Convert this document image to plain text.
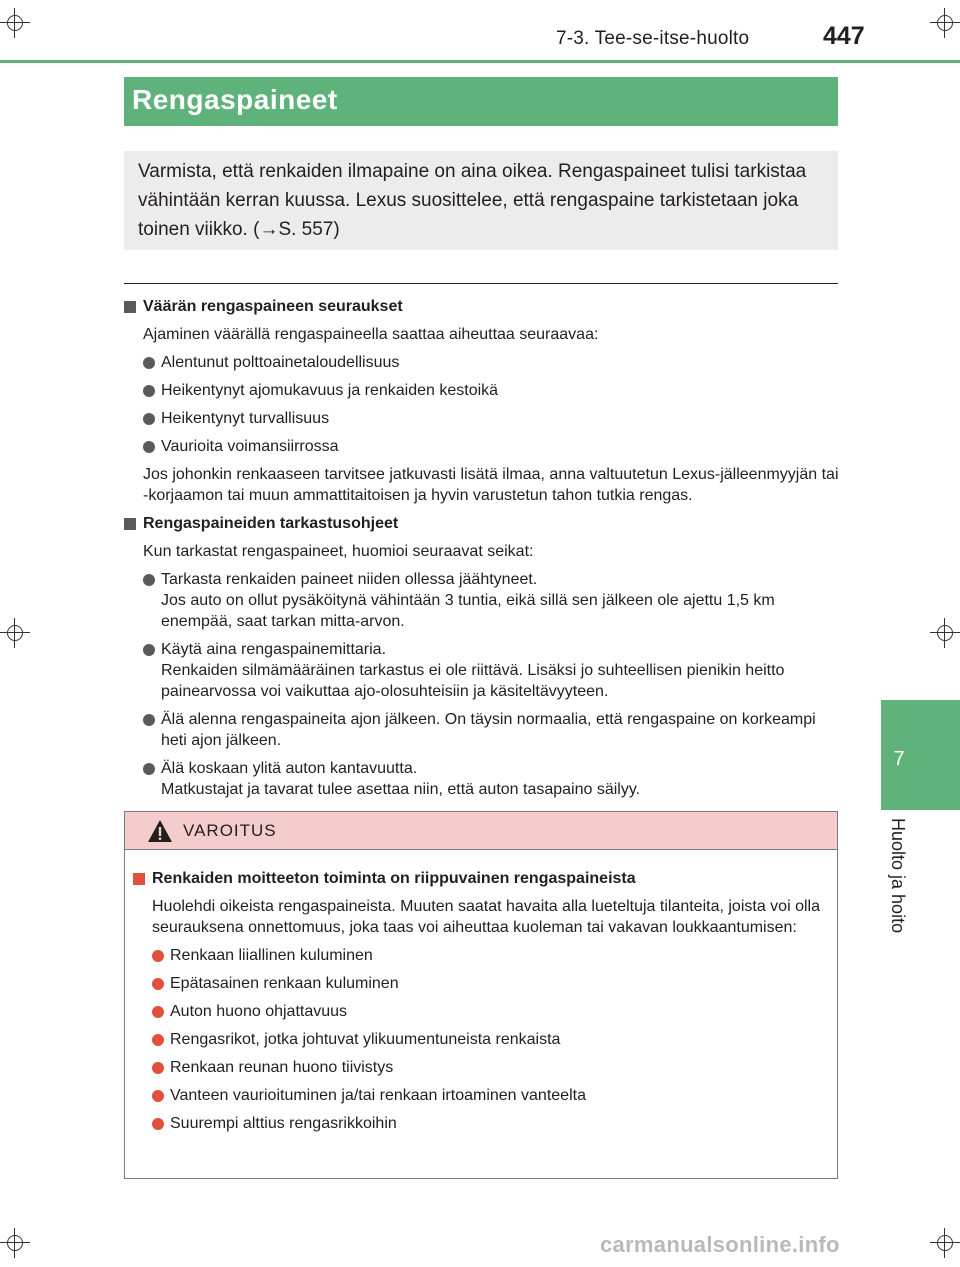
7-3. Tee-se-itse-huolto	447
7
Huolto ja hoito
Rengaspaineet
Varmista, että renkaiden ilmapaine on aina oikea. Rengaspaineet tulisi tarkistaa vähintään kerran kuussa. Lexus suosittelee, että rengaspaine tarkistetaan joka toinen viikko. (→S. 557)
Väärän rengaspaineen seuraukset
Ajaminen väärällä rengaspaineella saattaa aiheuttaa seuraavaa:
Alentunut polttoainetaloudellisuus
Heikentynyt ajomukavuus ja renkaiden kestoikä
Heikentynyt turvallisuus
Vaurioita voimansiirrossa
Jos johonkin renkaaseen tarvitsee jatkuvasti lisätä ilmaa, anna valtuutetun Lexus-jälleenmyyjän tai -korjaamon tai muun ammattitaitoisen ja hyvin varustetun tahon tutkia rengas.
Rengaspaineiden tarkastusohjeet
Kun tarkastat rengaspaineet, huomioi seuraavat seikat:
Tarkasta renkaiden paineet niiden ollessa jäähtyneet.
Jos auto on ollut pysäköitynä vähintään 3 tuntia, eikä sillä sen jälkeen ole ajettu 1,5 km enempää, saat tarkan mitta-arvon.
Käytä aina rengaspainemittaria.
Renkaiden silmämääräinen tarkastus ei ole riittävä. Lisäksi jo suhteellisen pienikin heitto painearvossa voi vaikuttaa ajo-olosuhteisiin ja käsiteltävyyteen.
Älä alenna rengaspaineita ajon jälkeen. On täysin normaalia, että rengaspaine on korkeampi heti ajon jälkeen.
Älä koskaan ylitä auton kantavuutta.
Matkustajat ja tavarat tulee asettaa niin, että auton tasapaino säilyy.
VAROITUS
Renkaiden moitteeton toiminta on riippuvainen rengaspaineista
Huolehdi oikeista rengaspaineista. Muuten saatat havaita alla lueteltuja tilanteita, joista voi olla seurauksena onnettomuus, joka taas voi aiheuttaa kuoleman tai vakavan loukkaantumisen:
Renkaan liiallinen kuluminen
Epätasainen renkaan kuluminen
Auton huono ohjattavuus
Rengasrikot, jotka johtuvat ylikuumentuneista renkaista
Renkaan reunan huono tiivistys
Vanteen vaurioituminen ja/tai renkaan irtoaminen vanteelta
Suurempi alttius rengasrikkoihin
carmanualsonline.info
